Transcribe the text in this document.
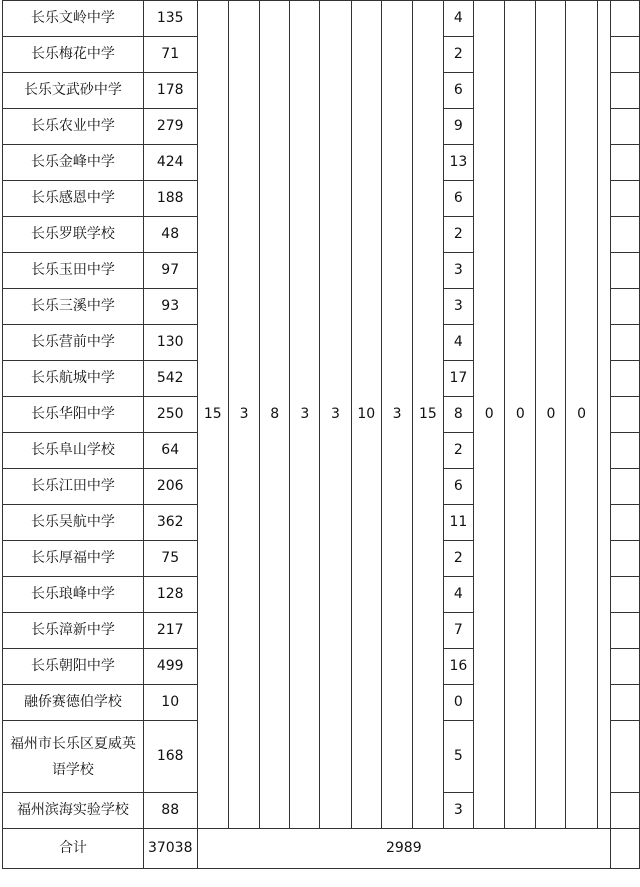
长乐文岭中学	135	15	3	8	3	3	10	3	15	4	0	0	0	0		
长乐梅花中学	71									2						
长乐文武砂中学	178									6						
长乐农业中学	279									9						
长乐金峰中学	424									13						
长乐感恩中学	188									6						
长乐罗联学校	48									2						
长乐玉田中学	97									3						
长乐三溪中学	93									3						
长乐营前中学	130									4						
长乐航城中学	542									17						
长乐华阳中学	250									8						
长乐阜山学校	64									2						
长乐江田中学	206									6						
长乐吴航中学	362									11						
长乐厚福中学	75									2						
长乐琅峰中学	128									4						
长乐漳新中学	217									7						
长乐朝阳中学	499									16						
融侨赛德伯学校	10									0						
福州市长乐区夏威英语学校	168									5						
福州滨海实验学校	88									3						
合计	37038	2989														
